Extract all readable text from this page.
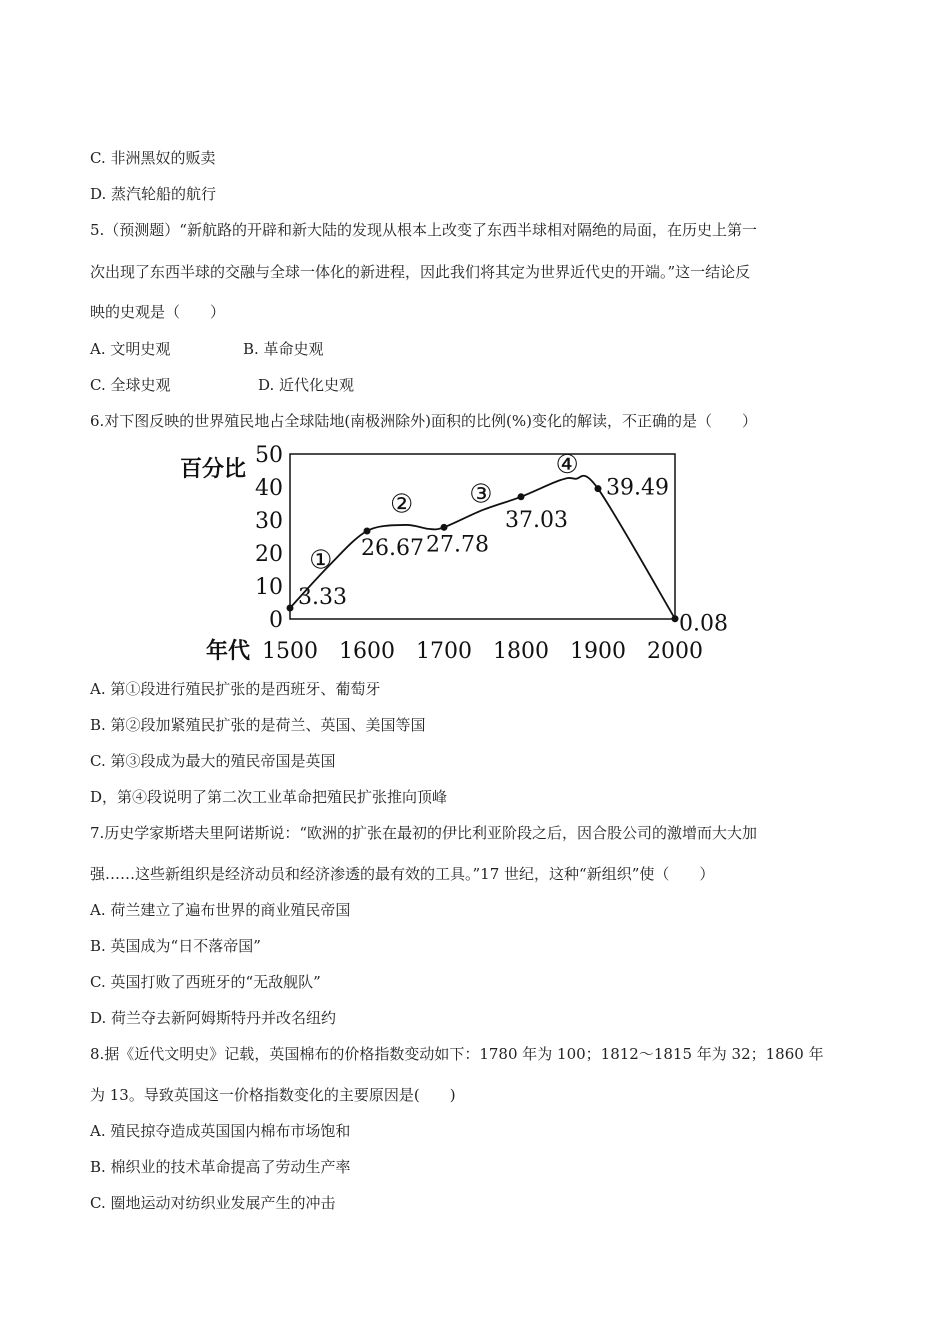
C. 非洲黑奴的贩卖
D. 蒸汽轮船的航行
5.（预测题）“新航路的开辟和新大陆的发现从根本上改变了东西半球相对隔绝的局面，在历史上第一
次出现了东西半球的交融与全球一体化的新进程，因此我们将其定为世界近代史的开端。”这一结论反
映的史观是（　　）
A. 文明史观	B. 革命史观
C. 全球史观	D. 近代化史观
6.对下图反映的世界殖民地占全球陆地(南极洲除外)面积的比例(%)变化的解读，不正确的是（　　）
百分比
年代
50
40
30
20
10
0
1500 1600 1700 1800 1900 2000
3.33
26.67 27.78
37.03
39.49
0.08
①
② ③
④
A. 第①段进行殖民扩张的是西班牙、葡萄牙
B. 第②段加紧殖民扩张的是荷兰、英国、美国等国
C. 第③段成为最大的殖民帝国是英国
D，第④段说明了第二次工业革命把殖民扩张推向顶峰
7.历史学家斯塔夫里阿诺斯说：“欧洲的扩张在最初的伊比利亚阶段之后，因合股公司的激增而大大加
强……这些新组织是经济动员和经济渗透的最有效的工具。”17 世纪，这种“新组织”使（　　）
A. 荷兰建立了遍布世界的商业殖民帝国
B. 英国成为“日不落帝国”
C. 英国打败了西班牙的“无敌舰队”
D. 荷兰夺去新阿姆斯特丹并改名纽约
8.据《近代文明史》记载，英国棉布的价格指数变动如下：1780 年为 100；1812～1815 年为 32；1860 年
为 13。导致英国这一价格指数变化的主要原因是(　　)
A. 殖民掠夺造成英国国内棉布市场饱和
B. 棉织业的技术革命提高了劳动生产率
C. 圈地运动对纺织业发展产生的冲击
